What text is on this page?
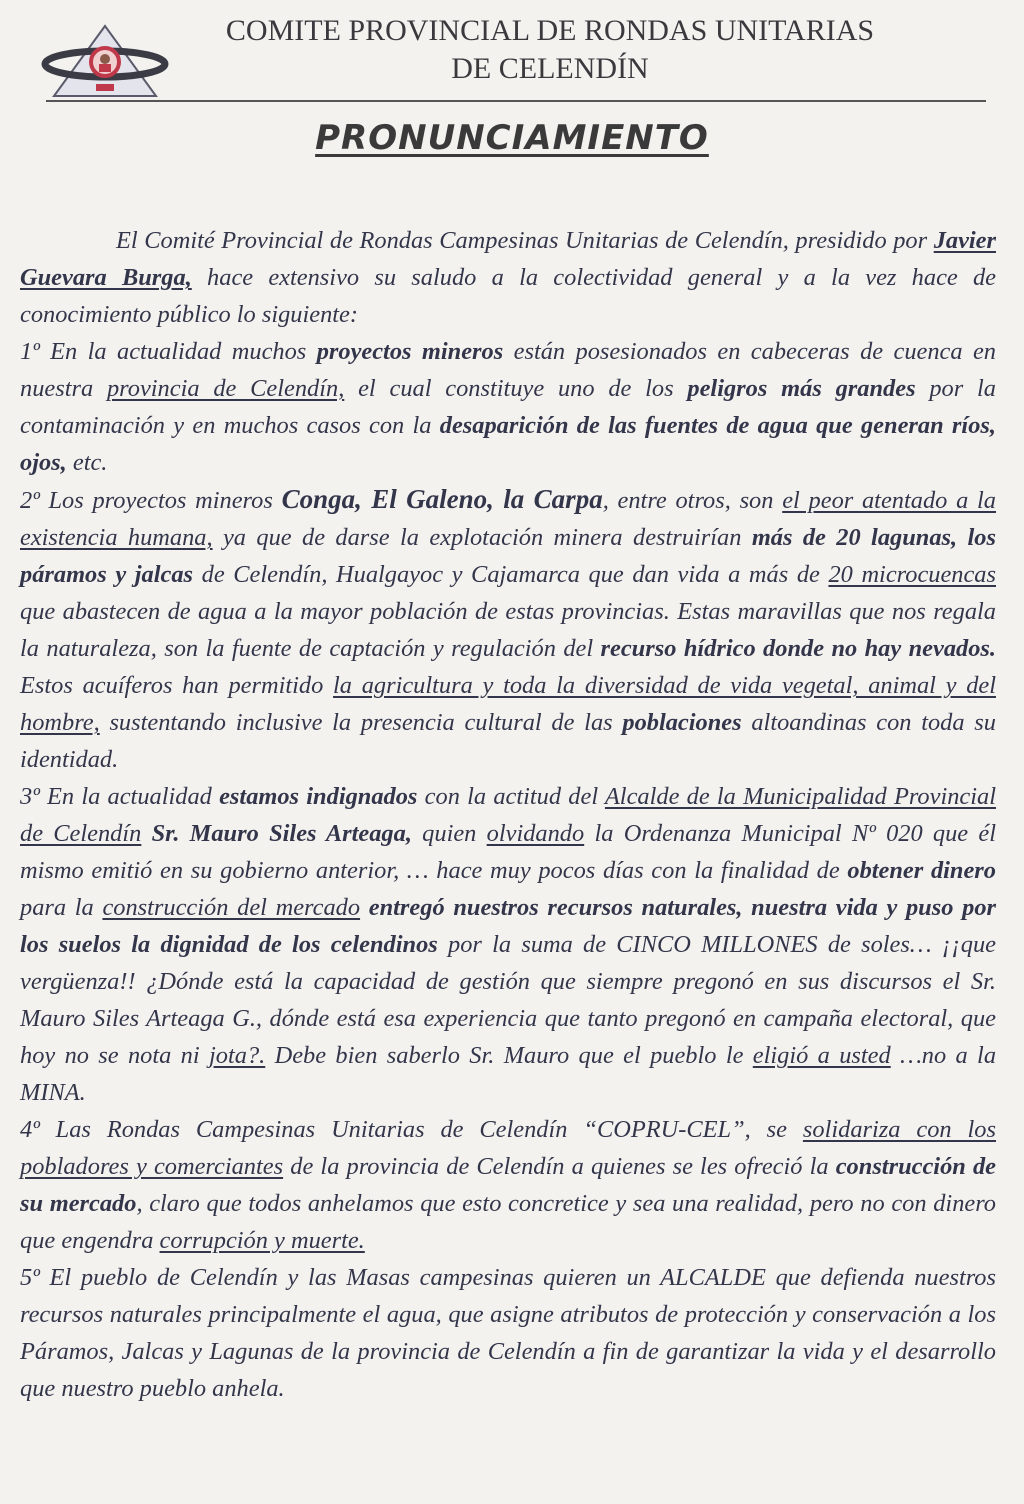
COMITE PROVINCIAL DE RONDAS UNITARIAS
DE CELENDÍN
PRONUNCIAMIENTO

El Comité Provincial de Rondas Campesinas Unitarias de Celendín, presidido por Javier Guevara Burga, hace extensivo su saludo a la colectividad general y a la vez hace de conocimiento público lo siguiente:

1º En la actualidad muchos proyectos mineros están posesionados en cabeceras de cuenca en nuestra provincia de Celendín, el cual constituye uno de los peligros más grandes por la contaminación y en muchos casos con la desaparición de las fuentes de agua que generan ríos, ojos, etc.

2º Los proyectos mineros Conga, El Galeno, la Carpa, entre otros, son el peor atentado a la existencia humana, ya que de darse la explotación minera destruirían más de 20 lagunas, los páramos y jalcas de Celendín, Hualgayoc y Cajamarca que dan vida a más de 20 microcuencas que abastecen de agua a la mayor población de estas provincias. Estas maravillas que nos regala la naturaleza, son la fuente de captación y regulación del recurso hídrico donde no hay nevados. Estos acuíferos han permitido la agricultura y toda la diversidad de vida vegetal, animal y del hombre, sustentando inclusive la presencia cultural de las poblaciones altoandinas con toda su identidad.

3º En la actualidad estamos indignados con la actitud del Alcalde de la Municipalidad Provincial de Celendín Sr. Mauro Siles Arteaga, quien olvidando la Ordenanza Municipal Nº 020 que él mismo emitió en su gobierno anterior, … hace muy pocos días con la finalidad de obtener dinero para la construcción del mercado entregó nuestros recursos naturales, nuestra vida y puso por los suelos la dignidad de los celendinos por la suma de CINCO MILLONES de soles… ¡¡que vergüenza!! ¿Dónde está la capacidad de gestión que siempre pregonó en sus discursos el Sr. Mauro Siles Arteaga G., dónde está esa experiencia que tanto pregonó en campaña electoral, que hoy no se nota ni jota?. Debe bien saberlo Sr. Mauro que el pueblo le eligió a usted …no a la MINA.

4º Las Rondas Campesinas Unitarias de Celendín “COPRU-CEL”, se solidariza con los pobladores y comerciantes de la provincia de Celendín a quienes se les ofreció la construcción de su mercado, claro que todos anhelamos que esto concretice y sea una realidad, pero no con dinero que engendra corrupción y muerte.

5º El pueblo de Celendín y las Masas campesinas quieren un ALCALDE que defienda nuestros recursos naturales principalmente el agua, que asigne atributos de protección y conservación a los Páramos, Jalcas y Lagunas de la provincia de Celendín a fin de garantizar la vida y el desarrollo que nuestro pueblo anhela.
